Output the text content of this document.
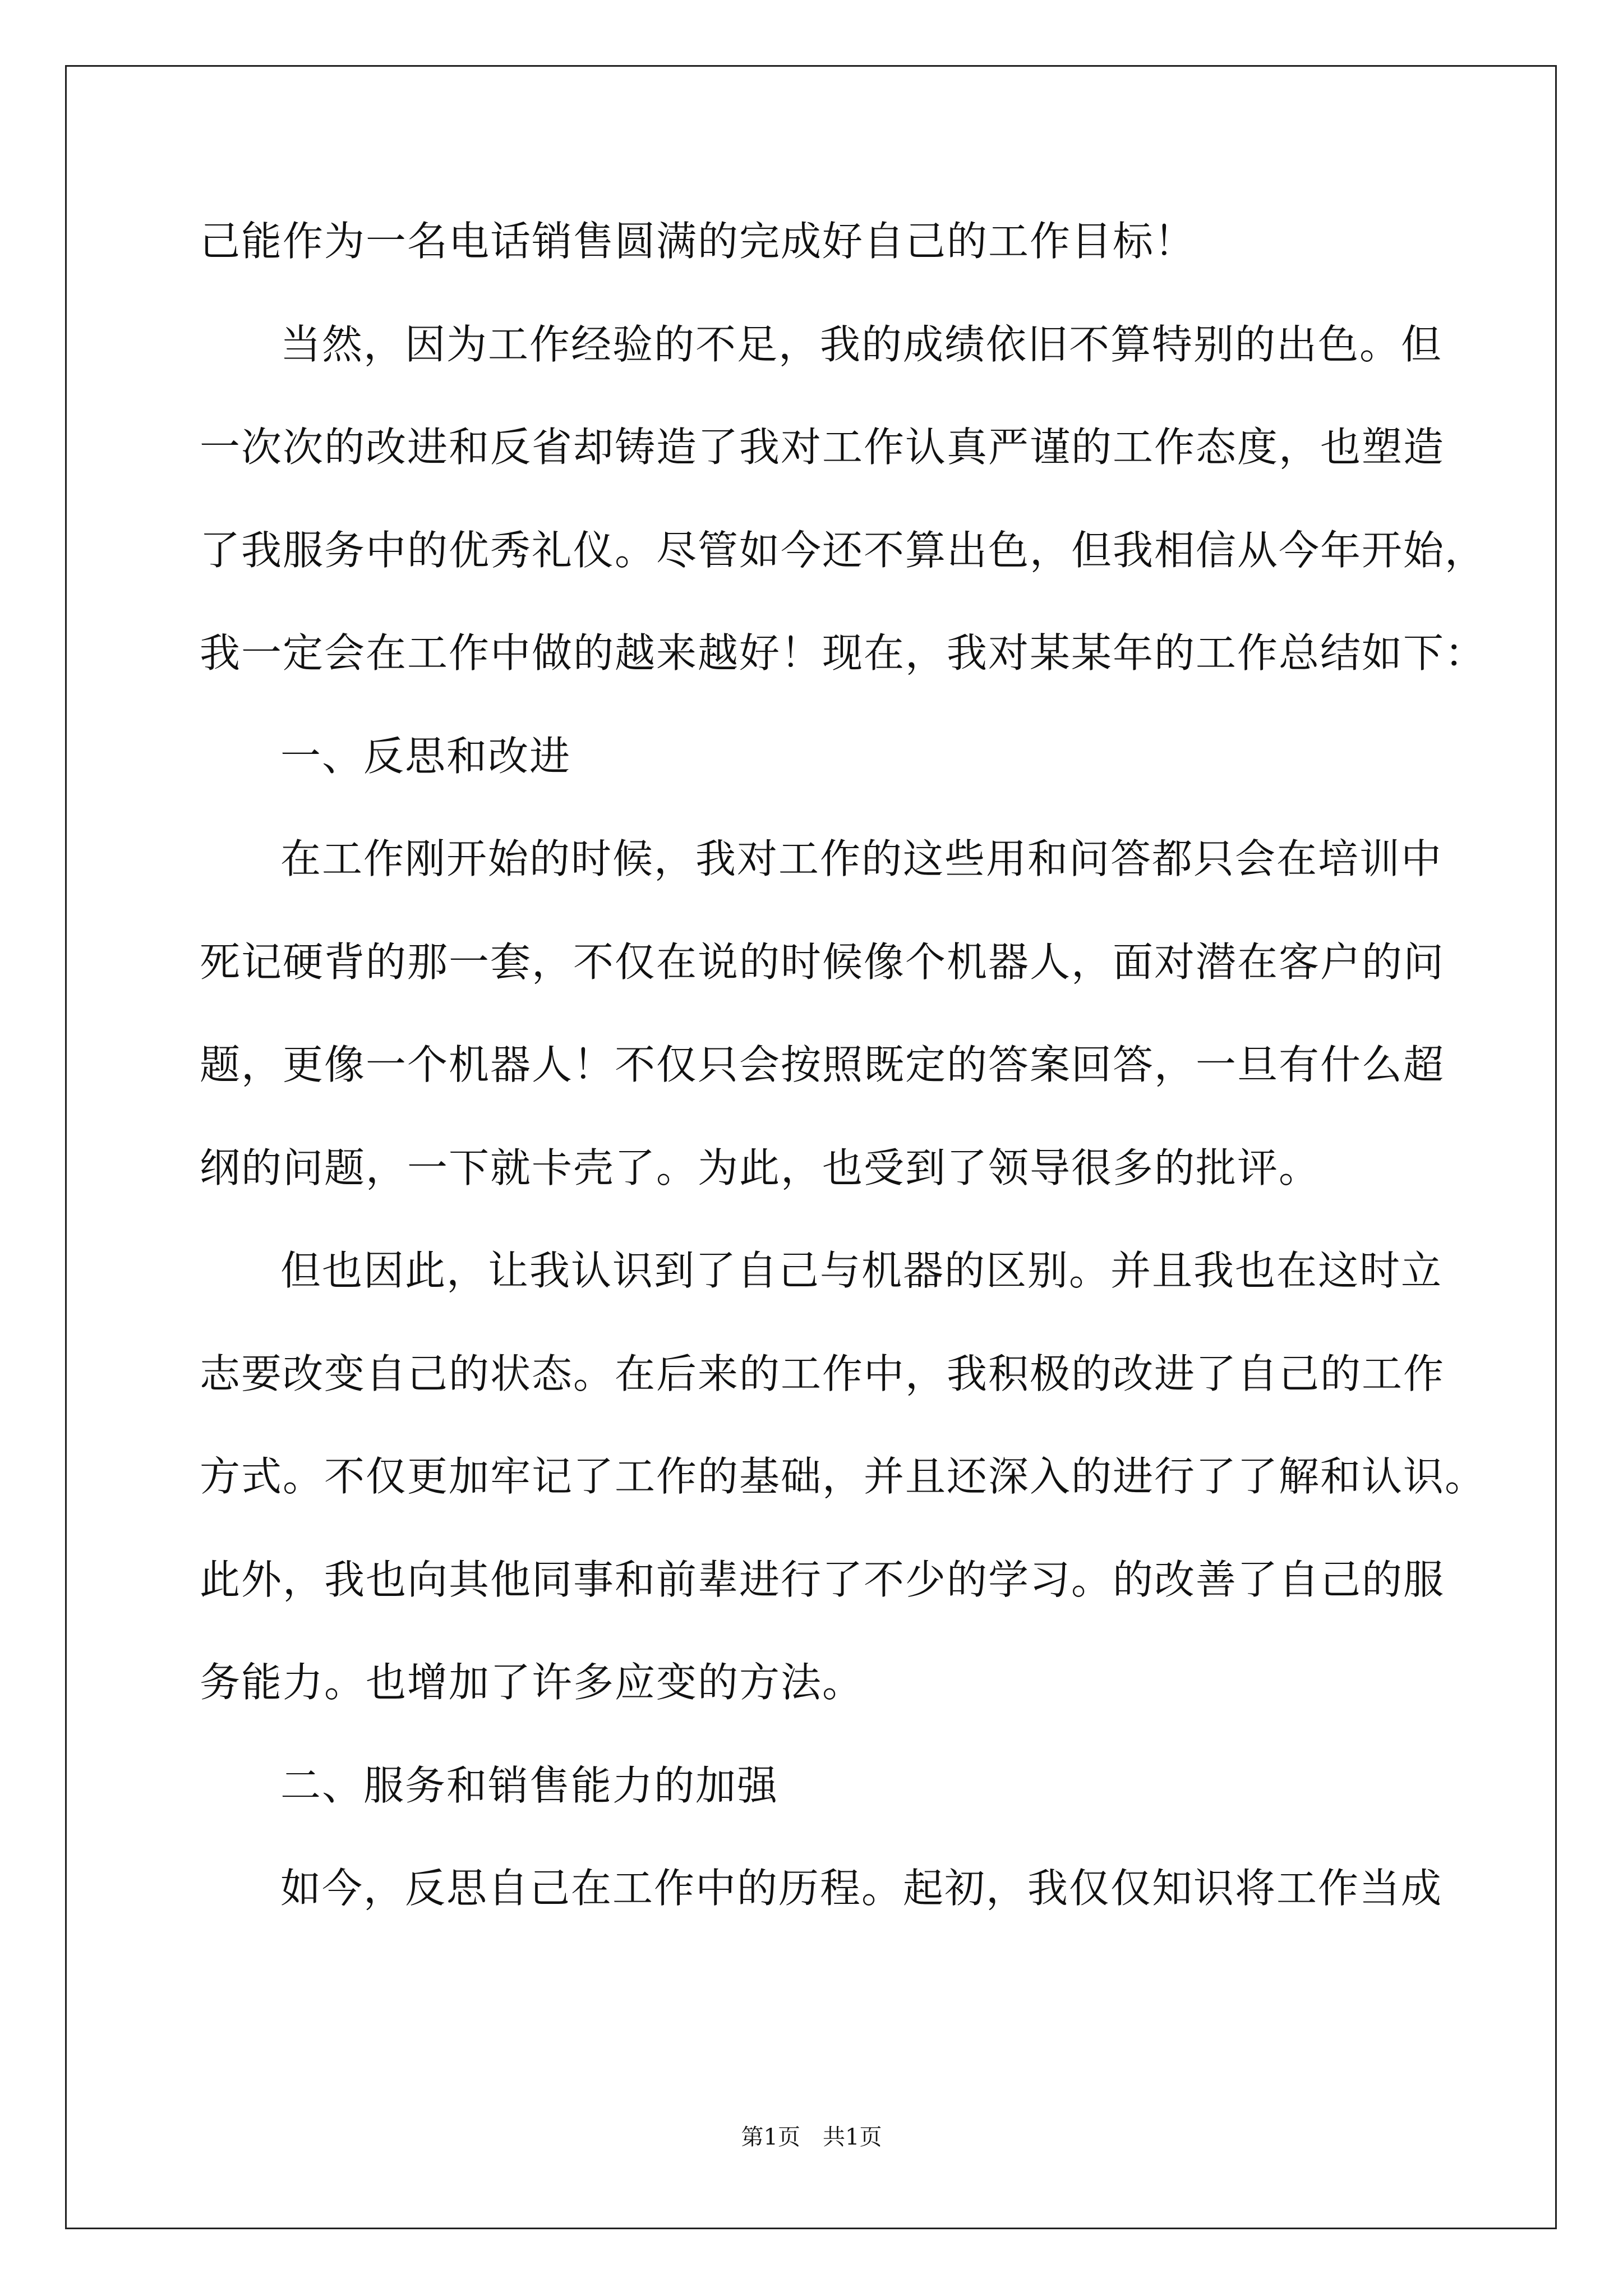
己能作为一名电话销售圆满的完成好自己的工作目标！
当然，因为工作经验的不足，我的成绩依旧不算特别的出色。但
一次次的改进和反省却铸造了我对工作认真严谨的工作态度，也塑造
了我服务中的优秀礼仪。尽管如今还不算出色，但我相信从今年开始，
我一定会在工作中做的越来越好！现在，我对某某年的工作总结如下：
一、反思和改进
在工作刚开始的时候，我对工作的这些用和问答都只会在培训中
死记硬背的那一套，不仅在说的时候像个机器人，面对潜在客户的问
题，更像一个机器人！不仅只会按照既定的答案回答，一旦有什么超
纲的问题，一下就卡壳了。为此，也受到了领导很多的批评。
但也因此，让我认识到了自己与机器的区别。并且我也在这时立
志要改变自己的状态。在后来的工作中，我积极的改进了自己的工作
方式。不仅更加牢记了工作的基础，并且还深入的进行了了解和认识。
此外，我也向其他同事和前辈进行了不少的学习。的改善了自己的服
务能力。也增加了许多应变的方法。
二、服务和销售能力的加强
如今，反思自己在工作中的历程。起初，我仅仅知识将工作当成
第1页　共1页
